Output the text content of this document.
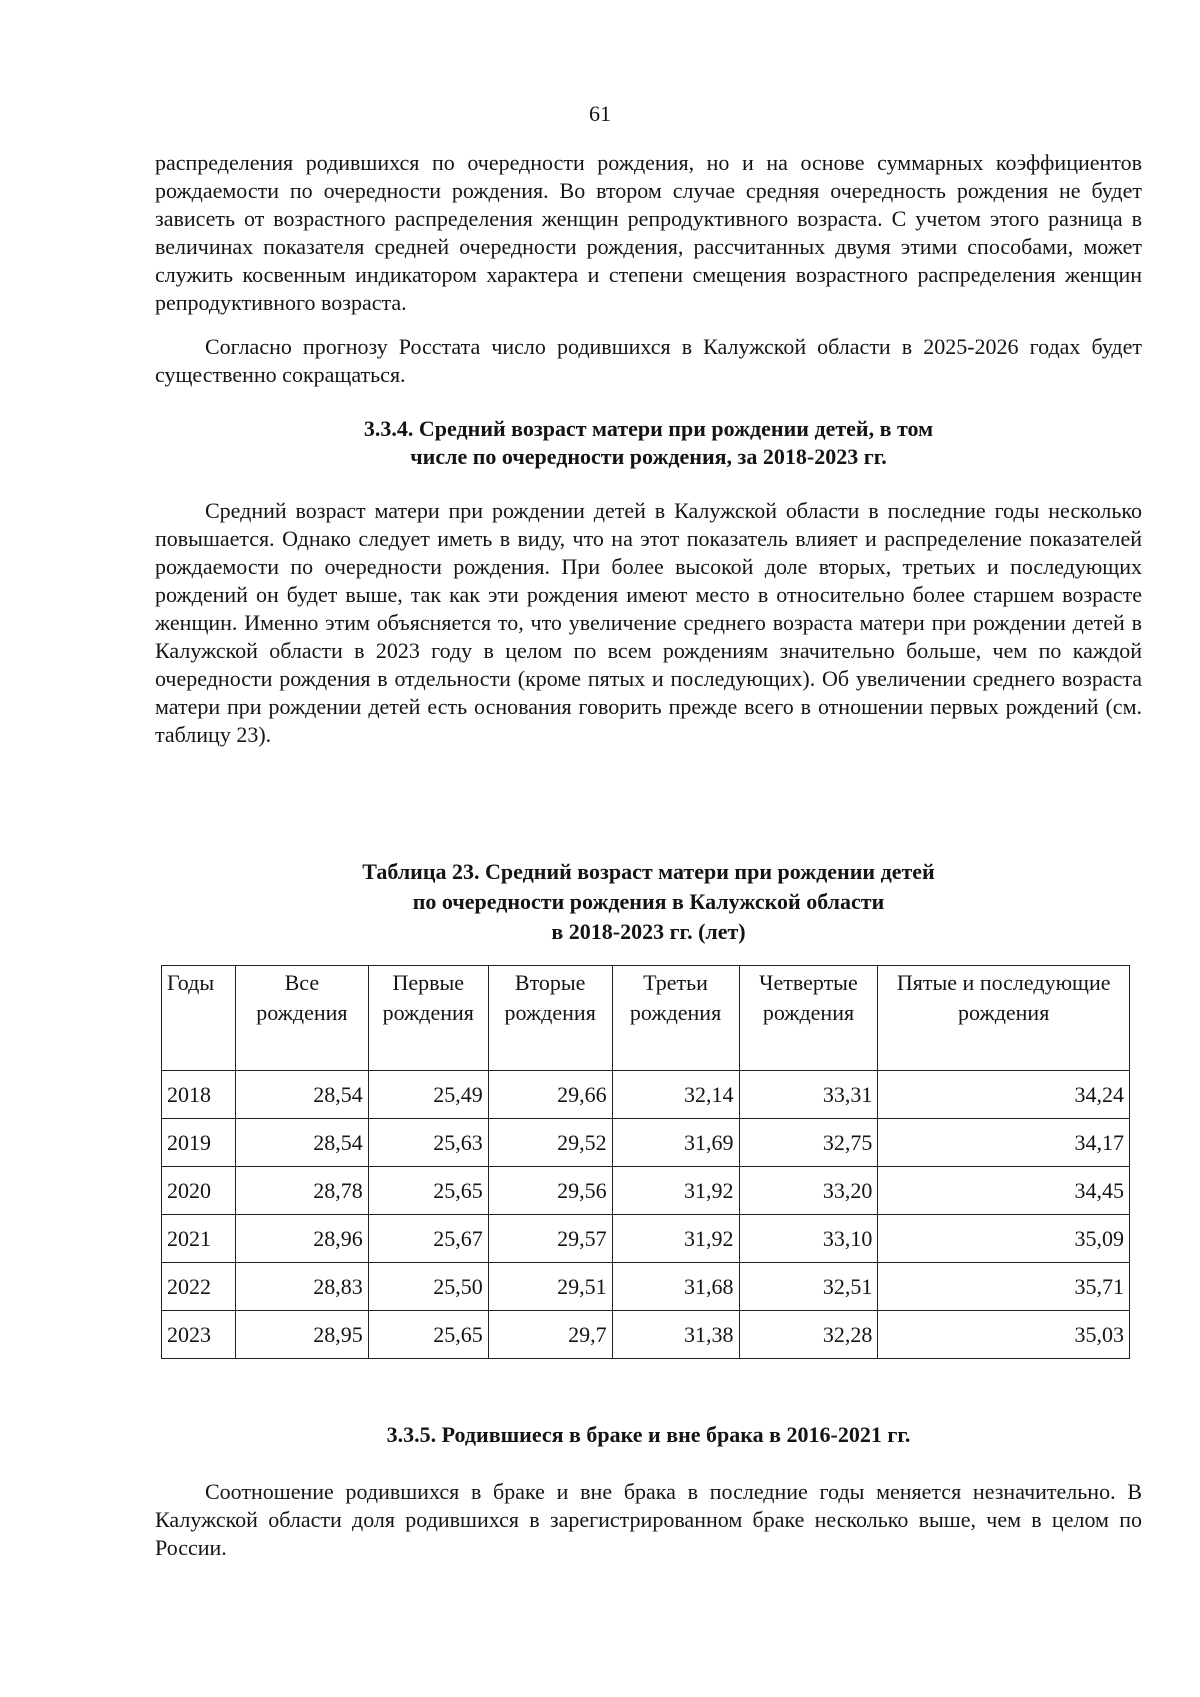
61

распределения родившихся по очередности рождения, но и на основе суммарных коэффициентов рождаемости по очередности рождения. Во втором случае средняя очередность рождения не будет зависеть от возрастного распределения женщин репродуктивного возраста. С учетом этого разница в величинах показателя средней очередности рождения, рассчитанных двумя этими способами, может служить косвенным индикатором характера и степени смещения возрастного распределения женщин репродуктивного возраста.

Согласно прогнозу Росстата число родившихся в Калужской области в 2025-2026 годах будет существенно сокращаться.

3.3.4. Средний возраст матери при рождении детей, в том
числе по очередности рождения, за 2018-2023 гг.

Средний возраст матери при рождении детей в Калужской области в последние годы несколько повышается. Однако следует иметь в виду, что на этот показатель влияет и распределение показателей рождаемости по очередности рождения. При более высокой доле вторых, третьих и последующих рождений он будет выше, так как эти рождения имеют место в относительно более старшем возрасте женщин. Именно этим объясняется то, что увеличение среднего возраста матери при рождении детей в Калужской области в 2023 году в целом по всем рождениям значительно больше, чем по каждой очередности рождения в отдельности (кроме пятых и последующих). Об увеличении среднего возраста матери при рождении детей есть основания говорить прежде всего в отношении первых рождений (см. таблицу 23).

Таблица 23. Средний возраст матери при рождении детей
по очередности рождения в Калужской области
в 2018-2023 гг. (лет)
Годы	Все рождения	Первые рождения	Вторые рождения	Третьи рождения	Четвертые рождения	Пятые и последующие рождения
2018	28,54	25,49	29,66	32,14	33,31	34,24
2019	28,54	25,63	29,52	31,69	32,75	34,17
2020	28,78	25,65	29,56	31,92	33,20	34,45
2021	28,96	25,67	29,57	31,92	33,10	35,09
2022	28,83	25,50	29,51	31,68	32,51	35,71
2023	28,95	25,65	29,7	31,38	32,28	35,03
3.3.5. Родившиеся в браке и вне брака в 2016-2021 гг.

Соотношение родившихся в браке и вне брака в последние годы меняется незначительно. В Калужской области доля родившихся в зарегистрированном браке несколько выше, чем в целом по России.
